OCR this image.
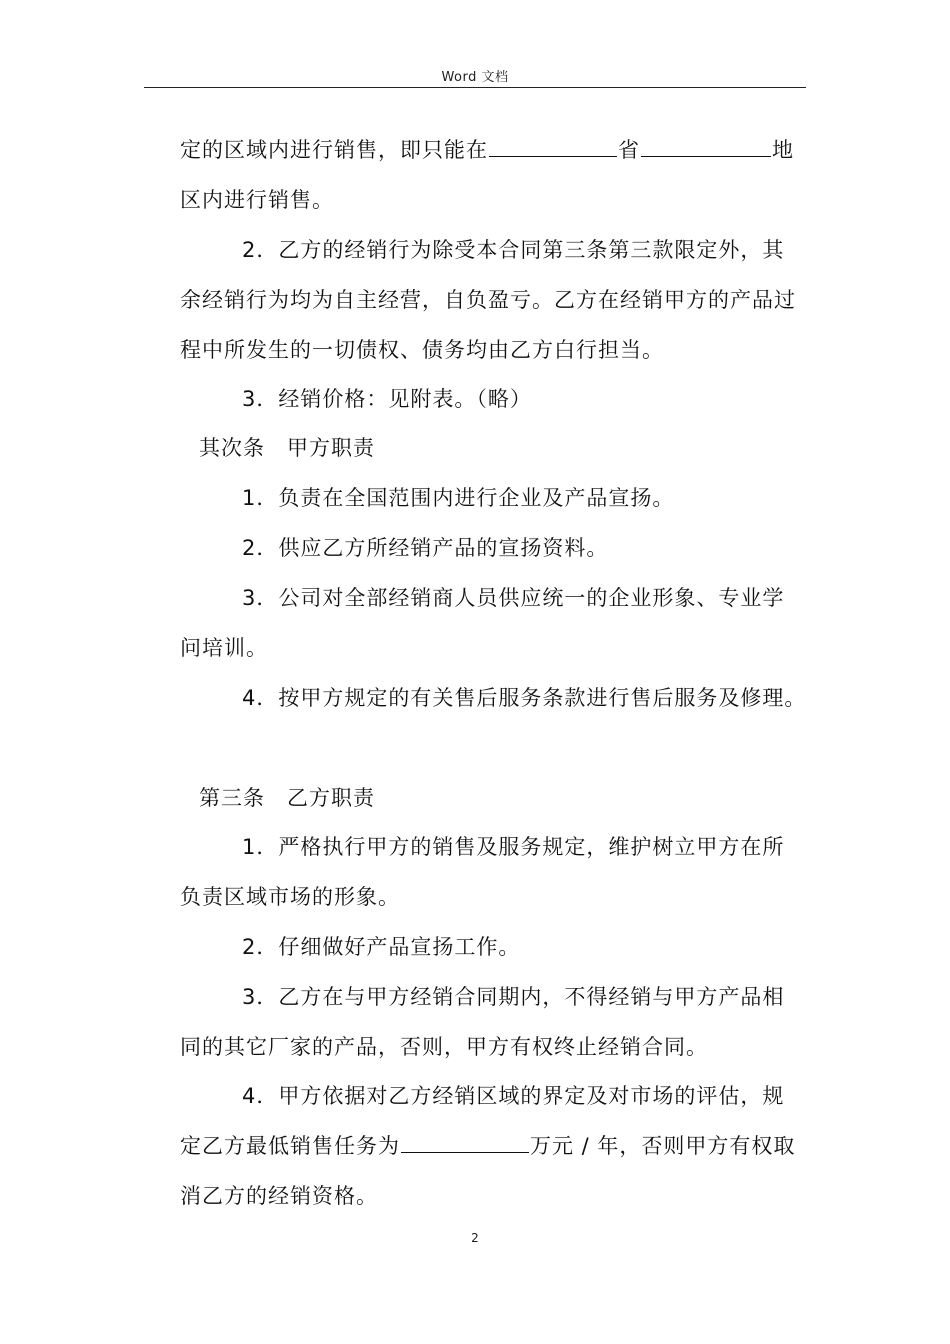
Word 文档
定的区域内进行销售，即只能在	省	地
区内进行销售。
2．乙方的经销行为除受本合同第三条第三款限定外，其
余经销行为均为自主经营，自负盈亏。乙方在经销甲方的产品过
程中所发生的一切债权、债务均由乙方白行担当。
3．经销价格：见附表。（略）
其次条　甲方职责
1．负责在全国范围内进行企业及产品宣扬。
2．供应乙方所经销产品的宣扬资料。
3．公司对全部经销商人员供应统一的企业形象、专业学
问培训。
4．按甲方规定的有关售后服务条款进行售后服务及修理。
第三条　乙方职责
1．严格执行甲方的销售及服务规定，维护树立甲方在所
负责区域市场的形象。
2．仔细做好产品宣扬工作。
3．乙方在与甲方经销合同期内，不得经销与甲方产品相
同的其它厂家的产品，否则，甲方有权终止经销合同。
4．甲方依据对乙方经销区域的界定及对市场的评估，规
定乙方最低销售任务为	万元 / 年，否则甲方有权取
消乙方的经销资格。
2
